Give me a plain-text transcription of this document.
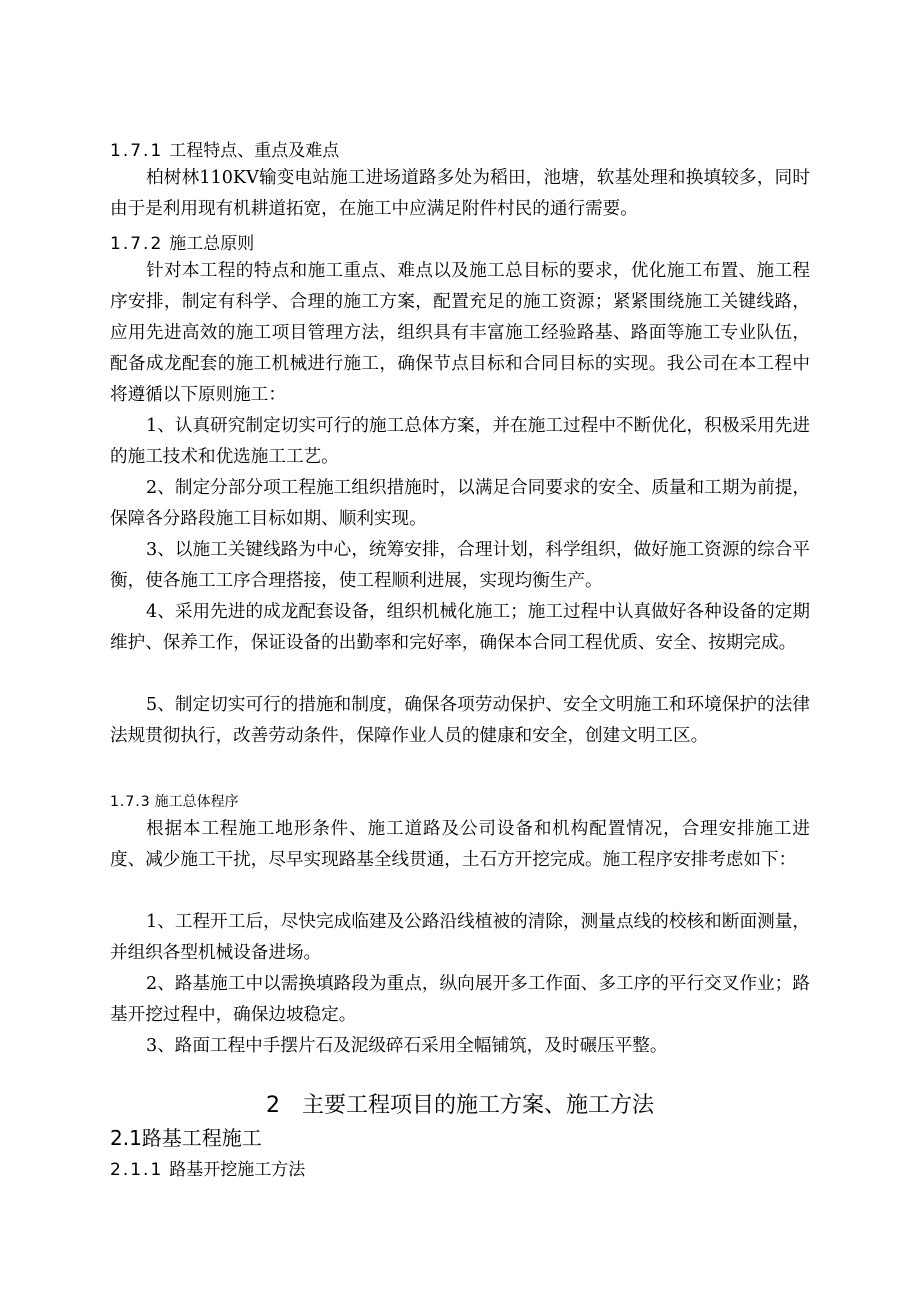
1.7.1 工程特点、重点及难点
柏树林110KV输变电站施工进场道路多处为稻田，池塘，软基处理和换填较多，同时由于是利用现有机耕道拓宽，在施工中应满足附件村民的通行需要。
1.7.2 施工总原则
针对本工程的特点和施工重点、难点以及施工总目标的要求，优化施工布置、施工程序安排，制定有科学、合理的施工方案，配置充足的施工资源；紧紧围绕施工关键线路，应用先进高效的施工项目管理方法，组织具有丰富施工经验路基、路面等施工专业队伍，配备成龙配套的施工机械进行施工，确保节点目标和合同目标的实现。我公司在本工程中将遵循以下原则施工：
1、认真研究制定切实可行的施工总体方案，并在施工过程中不断优化，积极采用先进的施工技术和优选施工工艺。
2、制定分部分项工程施工组织措施时，以满足合同要求的安全、质量和工期为前提，保障各分路段施工目标如期、顺利实现。
3、以施工关键线路为中心，统筹安排，合理计划，科学组织，做好施工资源的综合平衡，使各施工工序合理搭接，使工程顺利进展，实现均衡生产。
4、采用先进的成龙配套设备，组织机械化施工；施工过程中认真做好各种设备的定期维护、保养工作，保证设备的出勤率和完好率，确保本合同工程优质、安全、按期完成。
5、制定切实可行的措施和制度，确保各项劳动保护、安全文明施工和环境保护的法律法规贯彻执行，改善劳动条件，保障作业人员的健康和安全，创建文明工区。
1.7.3 施工总体程序
根据本工程施工地形条件、施工道路及公司设备和机构配置情况，合理安排施工进度、减少施工干扰，尽早实现路基全线贯通，土石方开挖完成。施工程序安排考虑如下：
1、工程开工后，尽快完成临建及公路沿线植被的清除，测量点线的校核和断面测量，并组织各型机械设备进场。
2、路基施工中以需换填路段为重点，纵向展开多工作面、多工序的平行交叉作业；路基开挖过程中，确保边坡稳定。
3、路面工程中手摆片石及泥级碎石采用全幅铺筑，及时碾压平整。
2 主要工程项目的施工方案、施工方法
2.1路基工程施工
2.1.1 路基开挖施工方法
